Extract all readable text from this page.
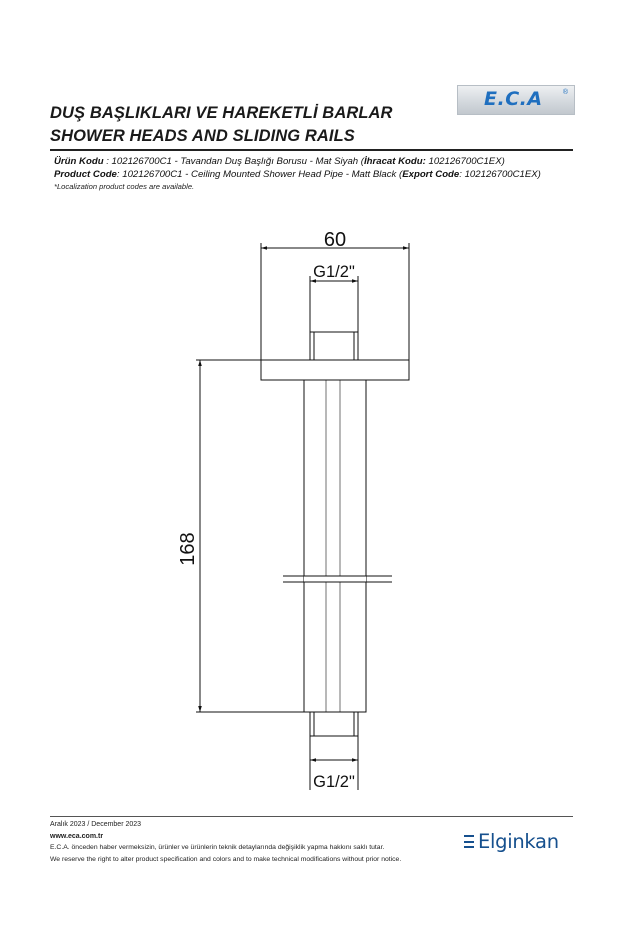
DUŞ BAŞLIKLARI VE HAREKETLİ BARLAR
SHOWER HEADS AND SLIDING RAILS
E.C.A	®
Ürün Kodu : 102126700C1 - Tavandan Duş Başlığı Borusu - Mat Siyah (İhracat Kodu: 102126700C1EX)
Product Code: 102126700C1 - Ceiling Mounted Shower Head Pipe - Matt Black (Export Code: 102126700C1EX)
*Localization product codes are available.
60
G1/2"
168
G1/2"
Aralık 2023 / December 2023
www.eca.com.tr
E.C.A. önceden haber vermeksizin, ürünler ve ürünlerin teknik detaylarında değişiklik yapma hakkını saklı tutar.
We reserve the right to alter product specification and colors and to make technical modifications without prior notice.
Elginkan
